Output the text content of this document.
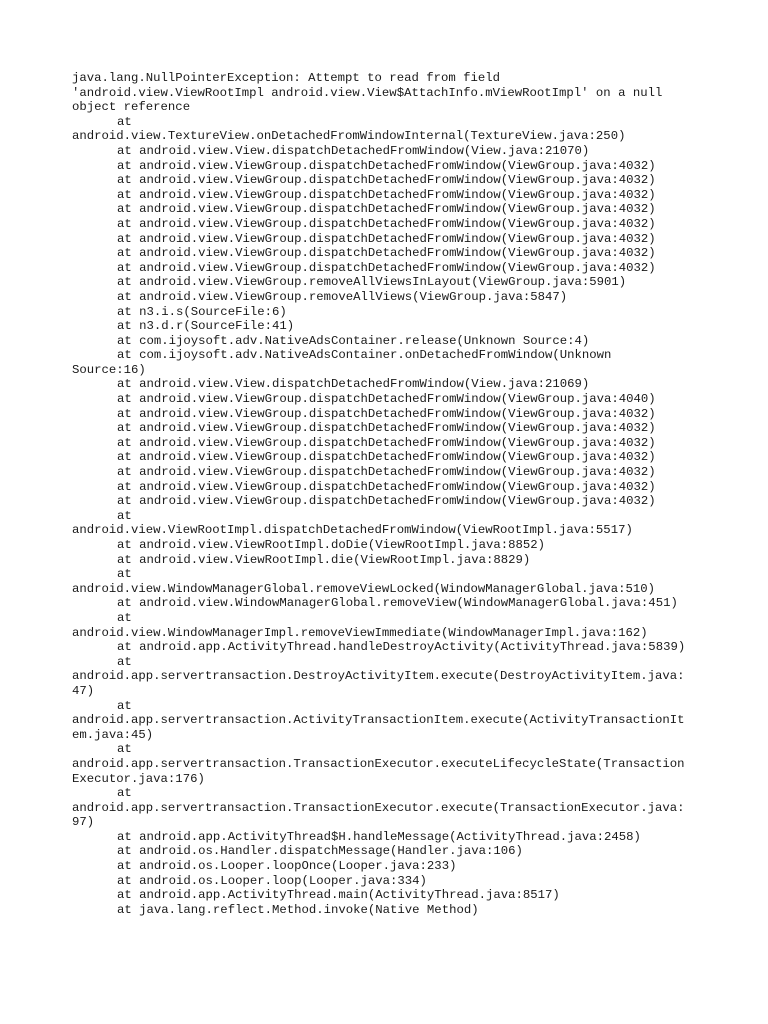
java.lang.NullPointerException: Attempt to read from field
'android.view.ViewRootImpl android.view.View$AttachInfo.mViewRootImpl' on a null
object reference
at
android.view.TextureView.onDetachedFromWindowInternal(TextureView.java:250)
at android.view.View.dispatchDetachedFromWindow(View.java:21070)
at android.view.ViewGroup.dispatchDetachedFromWindow(ViewGroup.java:4032)
at android.view.ViewGroup.dispatchDetachedFromWindow(ViewGroup.java:4032)
at android.view.ViewGroup.dispatchDetachedFromWindow(ViewGroup.java:4032)
at android.view.ViewGroup.dispatchDetachedFromWindow(ViewGroup.java:4032)
at android.view.ViewGroup.dispatchDetachedFromWindow(ViewGroup.java:4032)
at android.view.ViewGroup.dispatchDetachedFromWindow(ViewGroup.java:4032)
at android.view.ViewGroup.dispatchDetachedFromWindow(ViewGroup.java:4032)
at android.view.ViewGroup.dispatchDetachedFromWindow(ViewGroup.java:4032)
at android.view.ViewGroup.removeAllViewsInLayout(ViewGroup.java:5901)
at android.view.ViewGroup.removeAllViews(ViewGroup.java:5847)
at n3.i.s(SourceFile:6)
at n3.d.r(SourceFile:41)
at com.ijoysoft.adv.NativeAdsContainer.release(Unknown Source:4)
at com.ijoysoft.adv.NativeAdsContainer.onDetachedFromWindow(Unknown
Source:16)
at android.view.View.dispatchDetachedFromWindow(View.java:21069)
at android.view.ViewGroup.dispatchDetachedFromWindow(ViewGroup.java:4040)
at android.view.ViewGroup.dispatchDetachedFromWindow(ViewGroup.java:4032)
at android.view.ViewGroup.dispatchDetachedFromWindow(ViewGroup.java:4032)
at android.view.ViewGroup.dispatchDetachedFromWindow(ViewGroup.java:4032)
at android.view.ViewGroup.dispatchDetachedFromWindow(ViewGroup.java:4032)
at android.view.ViewGroup.dispatchDetachedFromWindow(ViewGroup.java:4032)
at android.view.ViewGroup.dispatchDetachedFromWindow(ViewGroup.java:4032)
at android.view.ViewGroup.dispatchDetachedFromWindow(ViewGroup.java:4032)
at
android.view.ViewRootImpl.dispatchDetachedFromWindow(ViewRootImpl.java:5517)
at android.view.ViewRootImpl.doDie(ViewRootImpl.java:8852)
at android.view.ViewRootImpl.die(ViewRootImpl.java:8829)
at
android.view.WindowManagerGlobal.removeViewLocked(WindowManagerGlobal.java:510)
at android.view.WindowManagerGlobal.removeView(WindowManagerGlobal.java:451)
at
android.view.WindowManagerImpl.removeViewImmediate(WindowManagerImpl.java:162)
at android.app.ActivityThread.handleDestroyActivity(ActivityThread.java:5839)
at
android.app.servertransaction.DestroyActivityItem.execute(DestroyActivityItem.java:
47)
at
android.app.servertransaction.ActivityTransactionItem.execute(ActivityTransactionIt
em.java:45)
at
android.app.servertransaction.TransactionExecutor.executeLifecycleState(Transaction
Executor.java:176)
at
android.app.servertransaction.TransactionExecutor.execute(TransactionExecutor.java:
97)
at android.app.ActivityThread$H.handleMessage(ActivityThread.java:2458)
at android.os.Handler.dispatchMessage(Handler.java:106)
at android.os.Looper.loopOnce(Looper.java:233)
at android.os.Looper.loop(Looper.java:334)
at android.app.ActivityThread.main(ActivityThread.java:8517)
at java.lang.reflect.Method.invoke(Native Method)
